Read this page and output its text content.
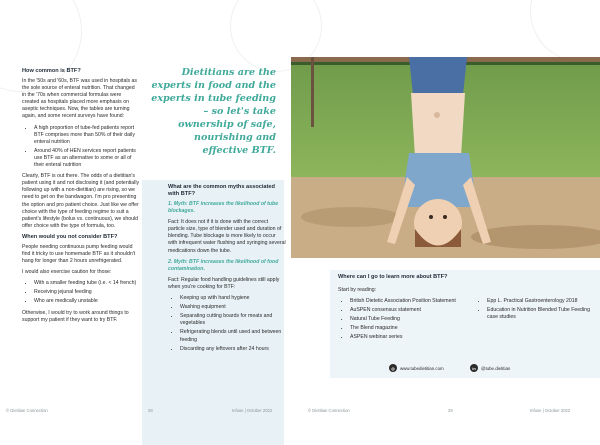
How common is BTF?

In the '50s and '60s, BTF was used in hospitals as the sole source of enteral nutrition. That changed in the '70s when commercial formulas were created as hospitals placed more emphasis on aseptic techniques. Now, the tables are turning again, and some recent surveys have found:

• A high proportion of tube-fed patients report BTF comprises more than 50% of their daily enteral nutrition
• Around 40% of HEN services report patients use BTF as an alternative to some or all of their enteral nutrition

Clearly, BTF is out there. The odds of a dietitian's patient using it and not disclosing it (and potentially following up with a non-dietitian) are rising, so we need to get on the bandwagon. I'm pro presenting the option and pro patient choice. Just like we offer choice with the type of feeding regime to suit a patient's lifestyle (bolus vs. continuous), we should offer choice with the type of formula, too.

When would you not consider BTF?

People needing continuous pump feeding would find it tricky to use homemade BTF as it shouldn't hang for longer than 2 hours unrefrigerated.

I would also exercise caution for those:

• With a smaller feeding tube (i.e. < 14 french)
• Receiving jejunal feeding
• Who are medically unstable

Otherwise, I would try to work around things to support my patient if they want to try BTF.

Dietitians are the experts in food and the experts in tube feeding – so let's take ownership of safe, nourishing and effective BTF.
What are the common myths associated with BTF?

1. Myth: BTF increases the likelihood of tube blockages.

Fact: It does not if it is done with the correct particle size, type of blender used and duration of blending. Tube blockage is more likely to occur with infrequent water flushing and syringing several medications down the tube.

2. Myth: BTF increases the likelihood of food contamination.

Fact: Regular food handling guidelines still apply when you're cooking for BTF:

• Keeping up with hand hygiene
• Washing equipment
• Separating cutting boards for meats and vegetables
• Refrigerating blends until used and between feeding
• Discarding any leftovers after 24 hours
Where can I go to learn more about BTF?

Start by reading:

• British Dietetic Association Position Statement
• AuSPEN consensus statement
• Natural Tube Feeding
• The Blend magazine
• ASPEN webinar series
• Epp L. Practical Gastroenterology 2018
• Education in Nutrition Blended Tube Feeding case studies
◎	www.tubedietitian.com	in	@tube.dietitian
© Dietitian Connection	28	Infuse | October 2022	© Dietitian Connection	29	Infuse | October 2022
